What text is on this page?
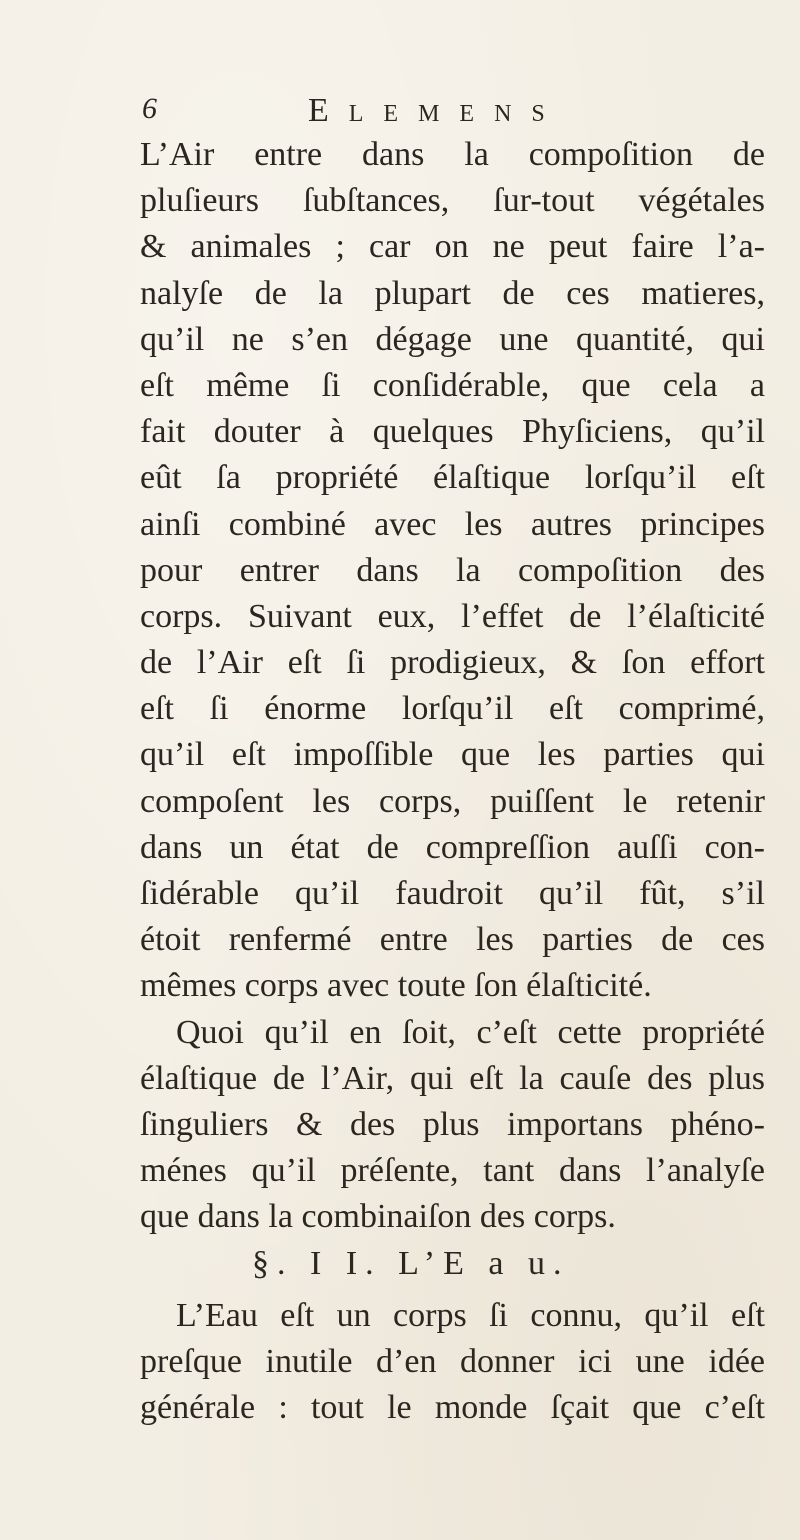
6	Elemens
L’Air entre dans la compoſition de
pluſieurs ſubſtances, ſur-tout végétales
& animales ; car on ne peut faire l’a-
nalyſe de la plupart de ces matieres,
qu’il ne s’en dégage une quantité, qui
eſt même ſi conſidérable, que cela a
fait douter à quelques Phyſiciens, qu’il
eût ſa propriété élaſtique lorſqu’il eſt
ainſi combiné avec les autres principes
pour entrer dans la compoſition des
corps. Suivant eux, l’effet de l’élaſticité
de l’Air eſt ſi prodigieux, & ſon effort
eſt ſi énorme lorſqu’il eſt comprimé,
qu’il eſt impoſſible que les parties qui
compoſent les corps, puiſſent le retenir
dans un état de compreſſion auſſi con-
ſidérable qu’il faudroit qu’il fût, s’il
étoit renfermé entre les parties de ces
mêmes corps avec toute ſon élaſticité.
Quoi qu’il en ſoit, c’eſt cette propriété
élaſtique de l’Air, qui eſt la cauſe des plus
ſinguliers & des plus importans phéno-
ménes qu’il préſente, tant dans l’analyſe
que dans la combinaiſon des corps.
§. I I. L’E a u.
L’Eau eſt un corps ſi connu, qu’il eſt
preſque inutile d’en donner ici une idée
générale : tout le monde ſçait que c’eſt
